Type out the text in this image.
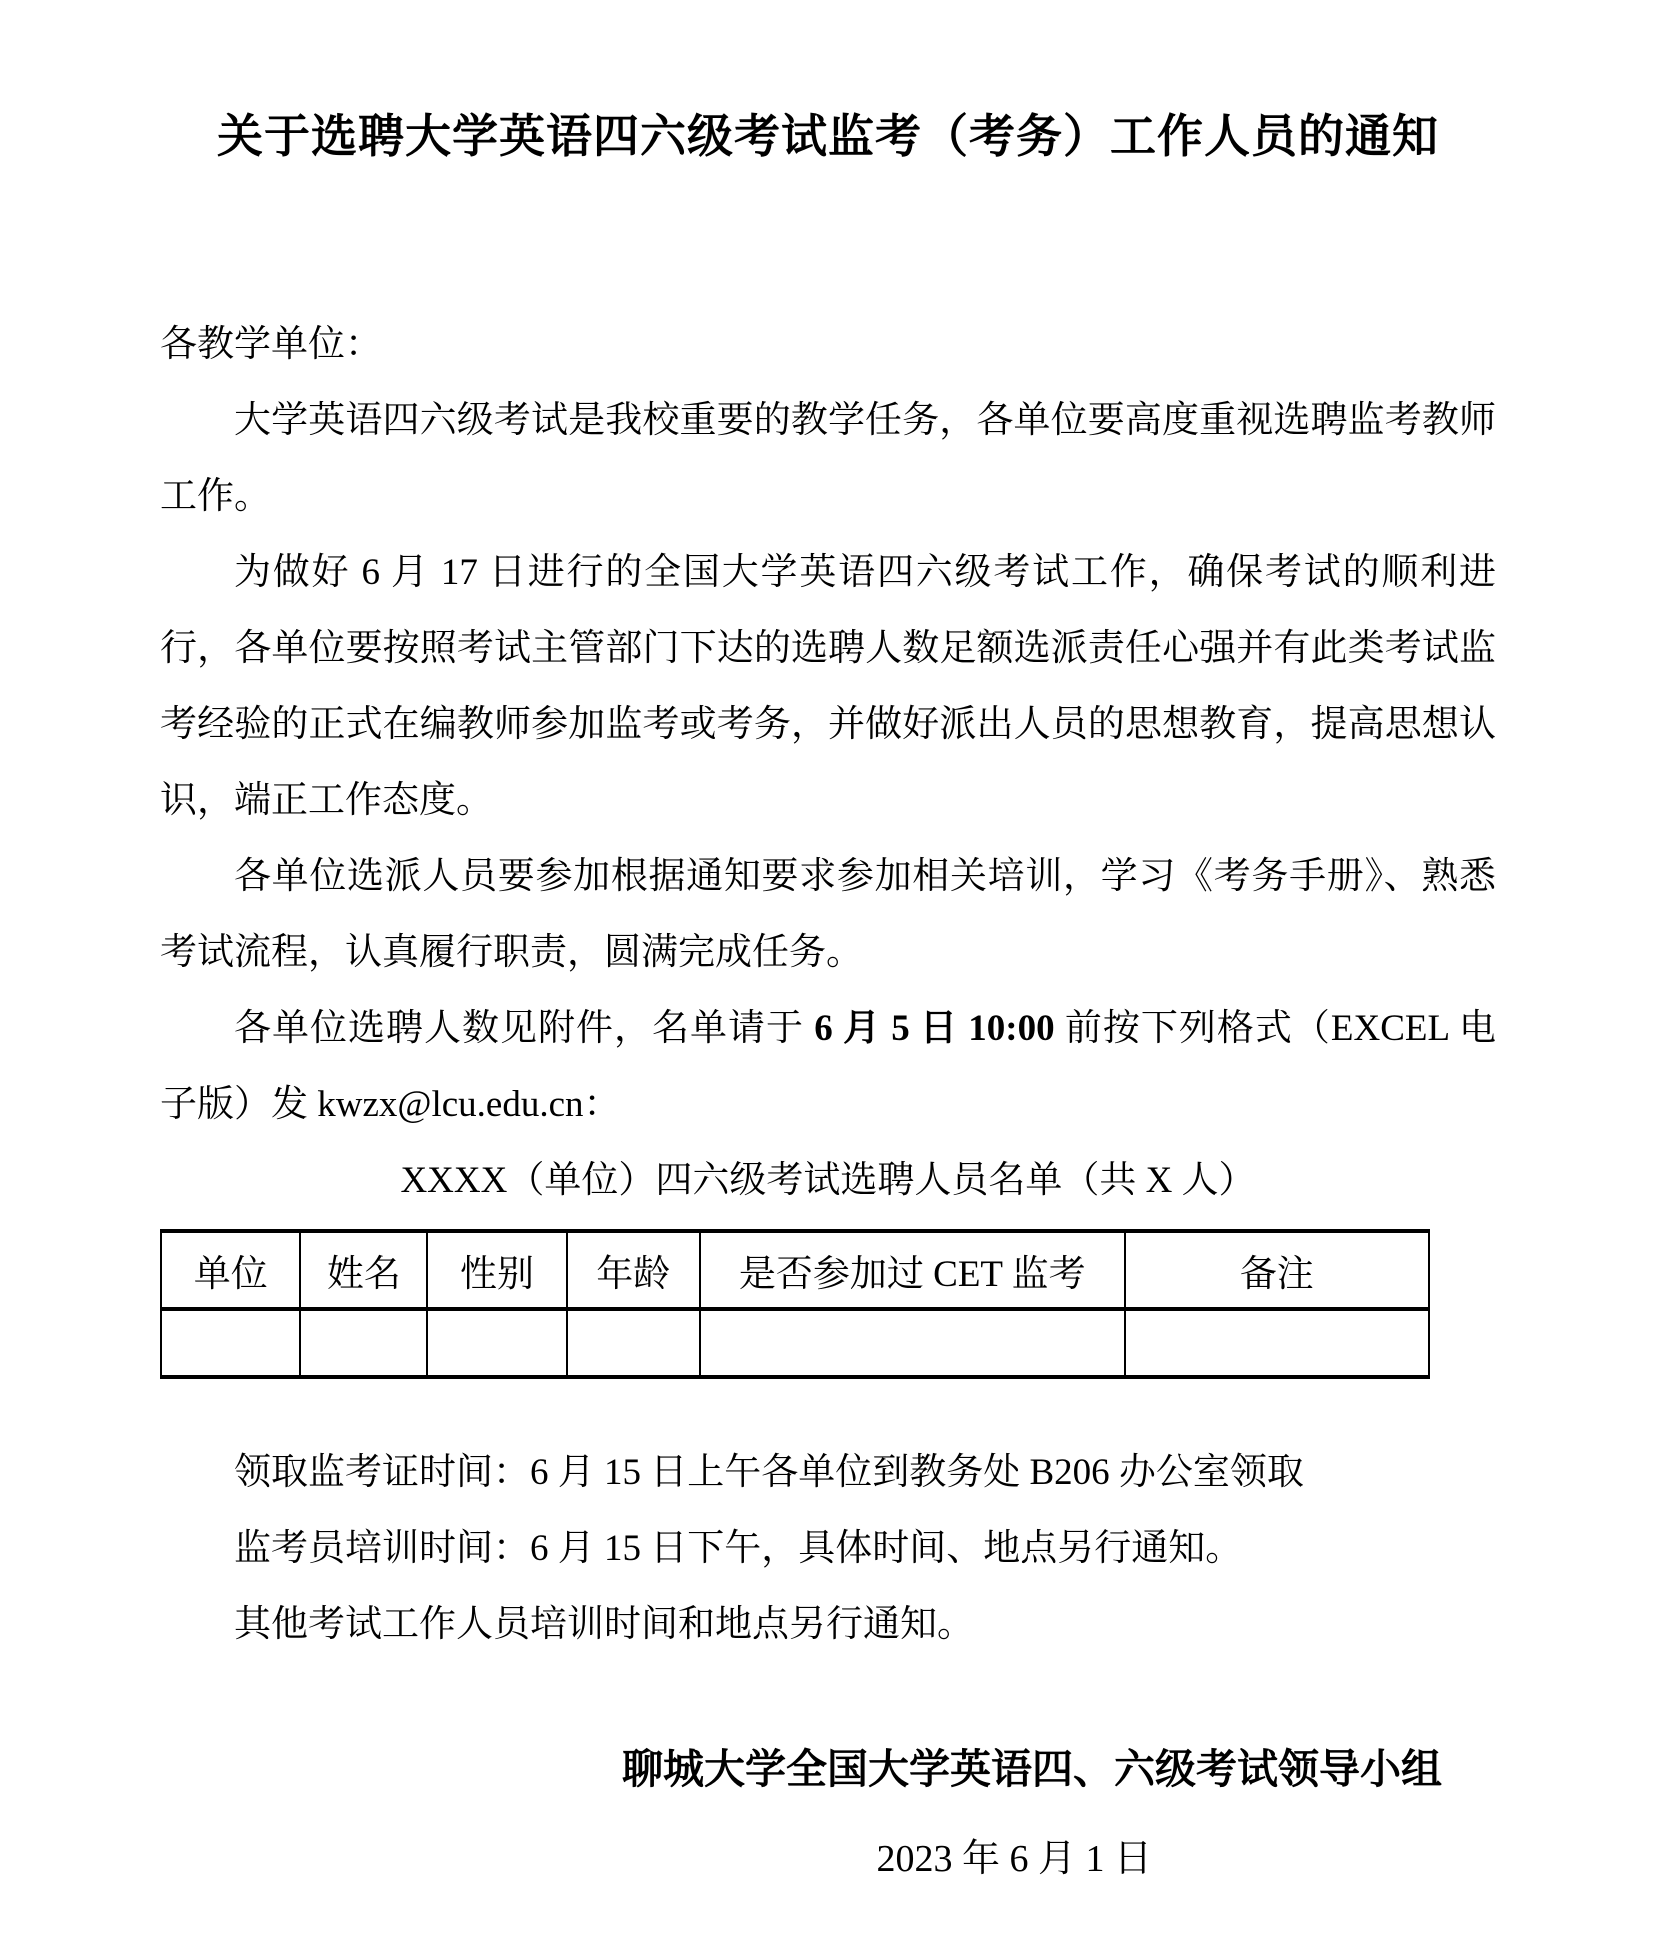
关于选聘大学英语四六级考试监考（考务）工作人员的通知

各教学单位：

大学英语四六级考试是我校重要的教学任务，各单位要高度重视选聘监考教师工作。

为做好 6 月 17 日进行的全国大学英语四六级考试工作，确保考试的顺利进行，各单位要按照考试主管部门下达的选聘人数足额选派责任心强并有此类考试监考经验的正式在编教师参加监考或考务，并做好派出人员的思想教育，提高思想认识，端正工作态度。

各单位选派人员要参加根据通知要求参加相关培训，学习《考务手册》、熟悉考试流程，认真履行职责，圆满完成任务。

各单位选聘人数见附件，名单请于 6 月 5 日 10:00 前按下列格式（EXCEL 电子版）发 kwzx@lcu.edu.cn：

XXXX（单位）四六级考试选聘人员名单（共 X 人）

单位	姓名	性别	年龄	是否参加过 CET 监考	备注

领取监考证时间：6 月 15 日上午各单位到教务处 B206 办公室领取

监考员培训时间：6 月 15 日下午，具体时间、地点另行通知。

其他考试工作人员培训时间和地点另行通知。

聊城大学全国大学英语四、六级考试领导小组

2023 年 6 月 1 日
